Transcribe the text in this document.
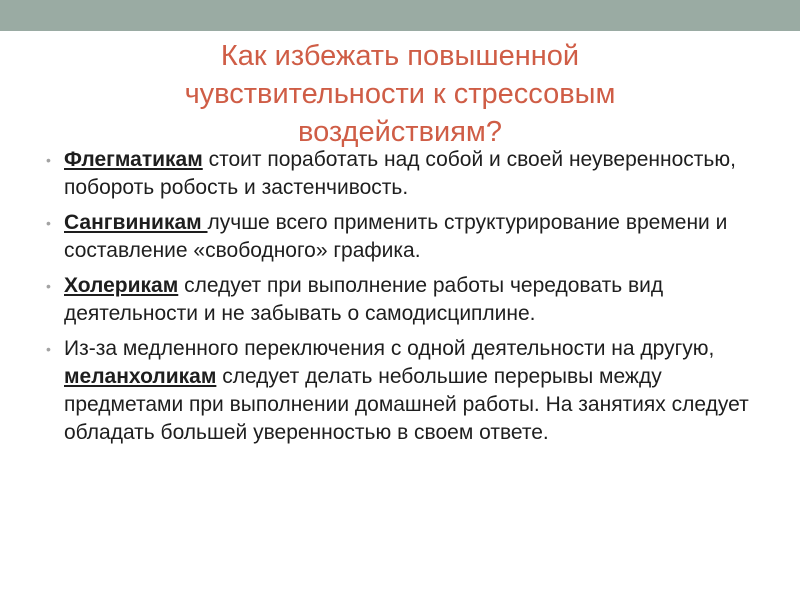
Как избежать повышенной чувствительности к стрессовым воздействиям?
• Флегматикам стоит поработать над собой и своей неуверенностью, побороть робость и застенчивость.
• Сангвиникам лучше всего применить структурирование времени и составление «свободного» графика.
• Холерикам следует при выполнение работы чередовать вид деятельности и не забывать о самодисциплине.
• Из-за медленного переключения с одной деятельности на другую, меланхоликам следует делать небольшие перерывы между предметами при выполнении домашней работы. На занятиях следует обладать большей уверенностью в своем ответе.
